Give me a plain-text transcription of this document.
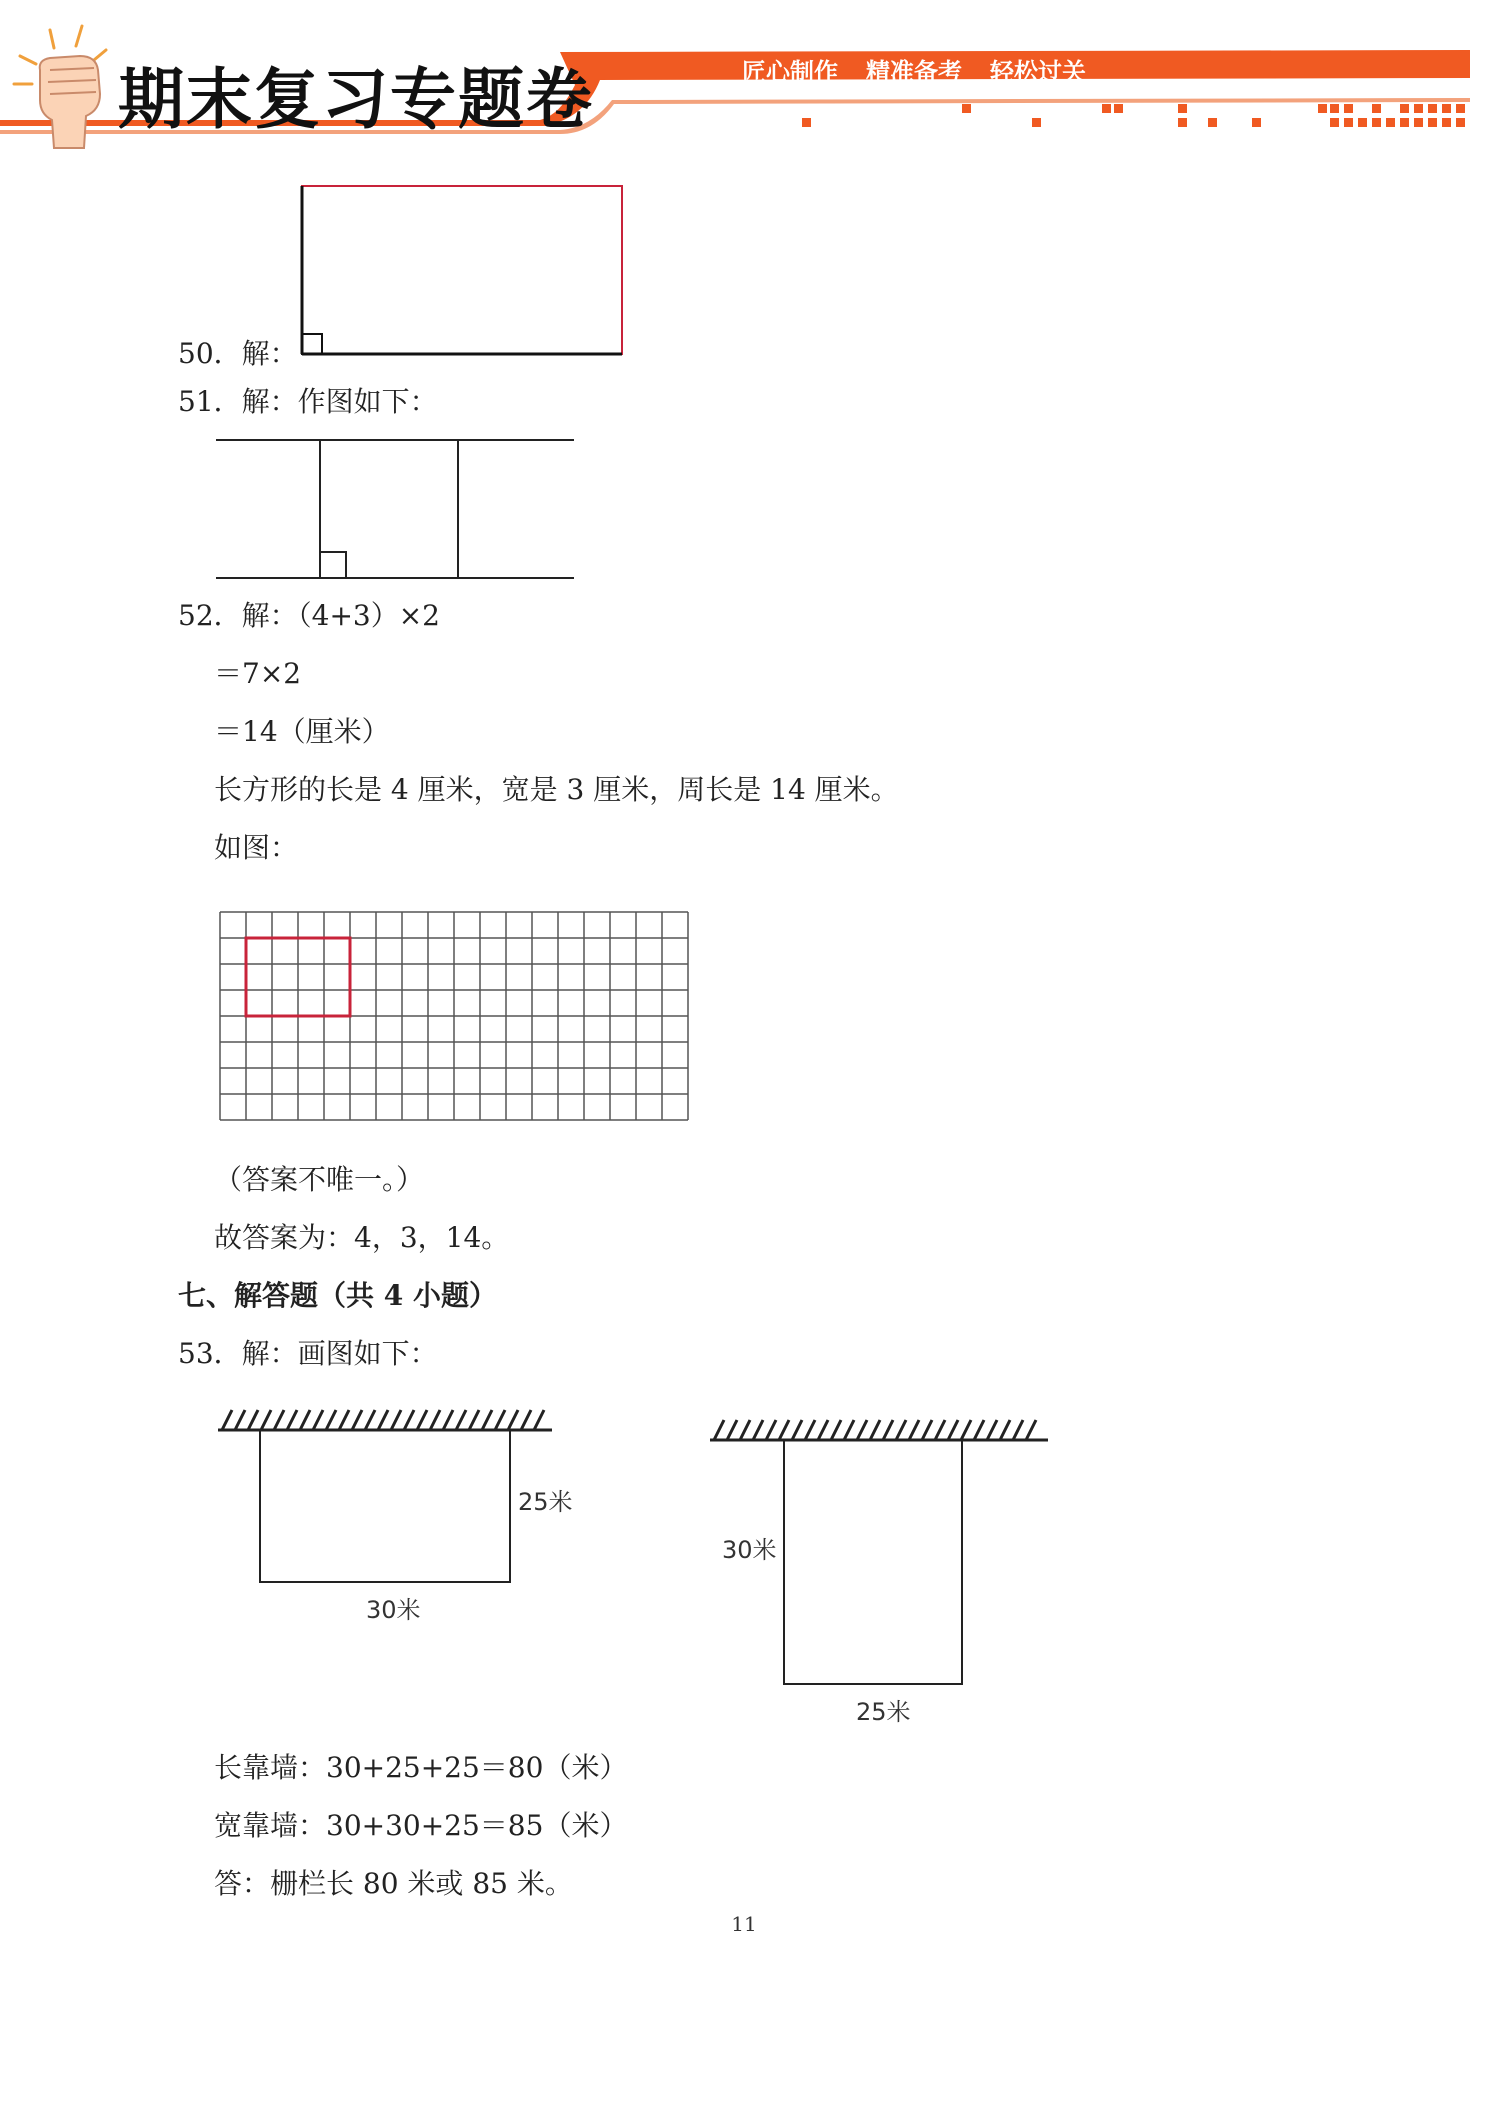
期末复习专题卷	匠心制作 精准备考 轻松过关
50．解：
51．解：作图如下：
52．解：（4+3）×2
＝7×2
＝14（厘米）
长方形的长是 4 厘米，宽是 3 厘米，周长是 14 厘米。
如图：
（答案不唯一。）
故答案为：4，3，14。
七、解答题（共 4 小题）
53．解：画图如下：
25米
30米
30米
25米
长靠墙：30+25+25＝80（米）
宽靠墙：30+30+25＝85（米）
答：栅栏长 80 米或 85 米。
11
